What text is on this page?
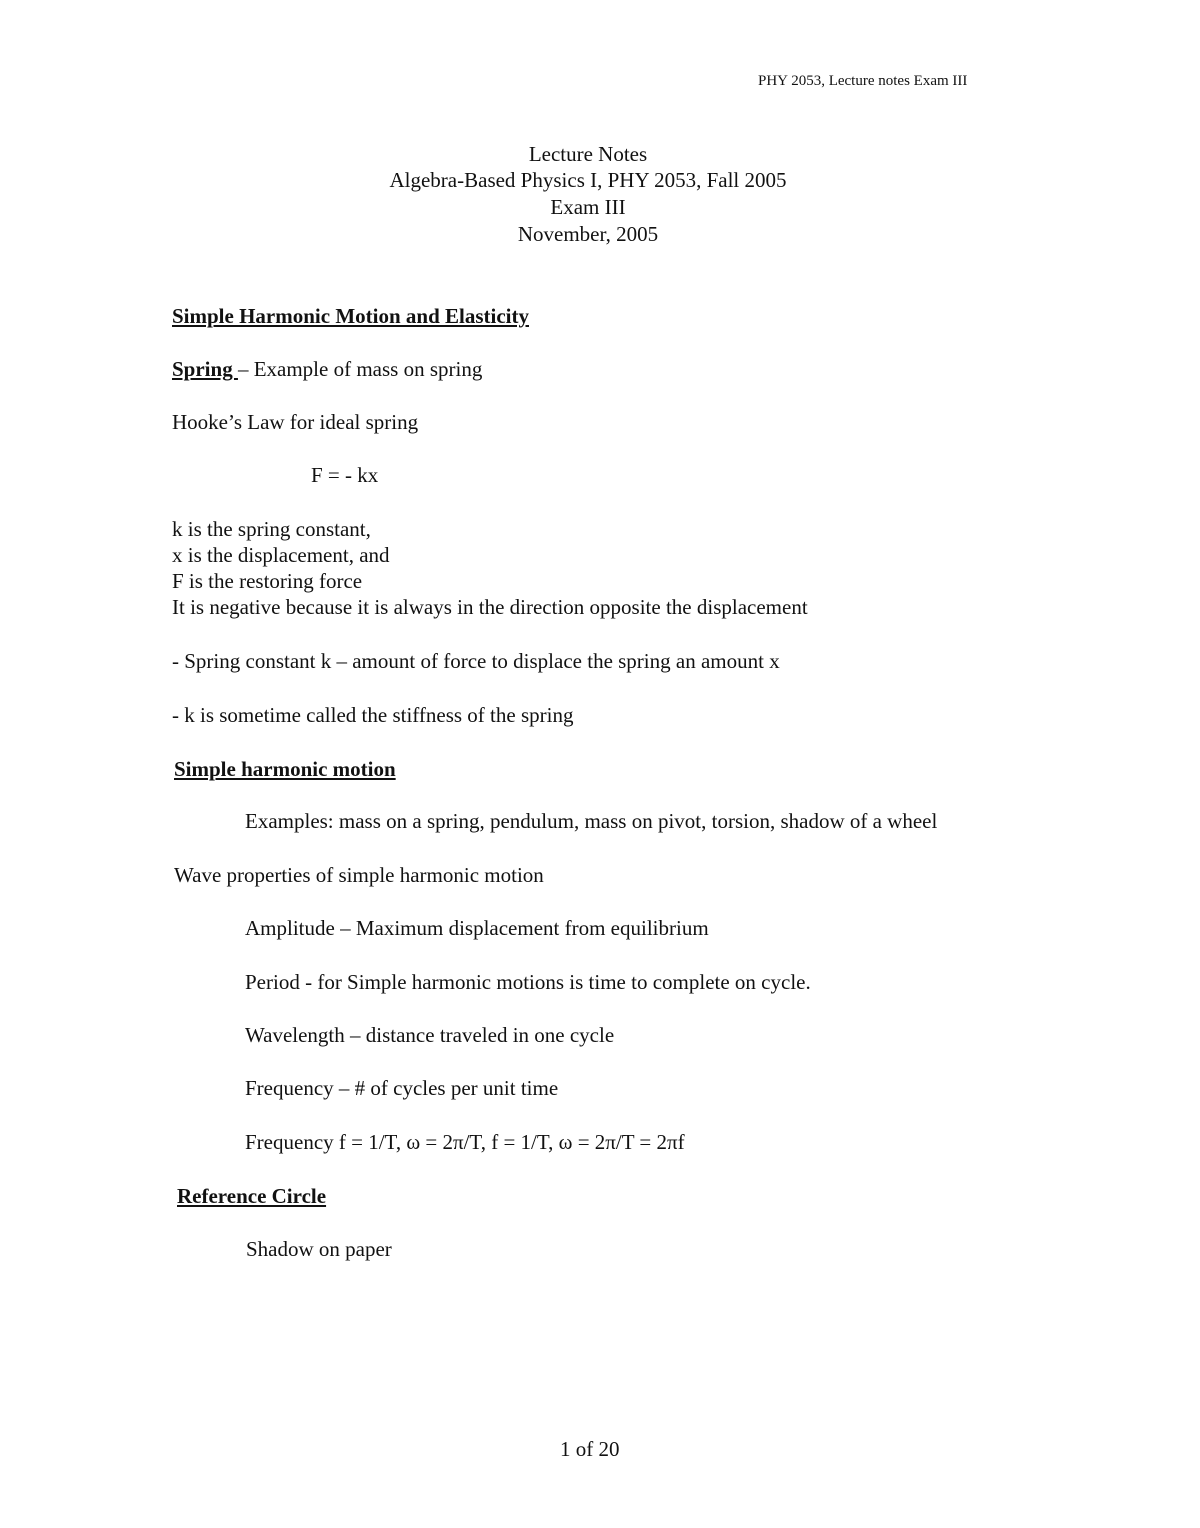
PHY 2053, Lecture notes Exam III
Lecture Notes
Algebra-Based Physics I, PHY 2053, Fall 2005
Exam III
November, 2005
Simple Harmonic Motion and Elasticity
Spring – Example of mass on spring
Hooke’s Law for ideal spring
F = - kx
k is the spring constant,
x is the displacement, and
F is the restoring force
It is negative because it is always in the direction opposite the displacement
- Spring constant k – amount of force to displace the spring an amount x
- k is sometime called the stiffness of the spring
Simple harmonic motion
Examples: mass on a spring, pendulum, mass on pivot, torsion, shadow of a wheel
Wave properties of simple harmonic motion
Amplitude – Maximum displacement from equilibrium
Period - for Simple harmonic motions is time to complete on cycle.
Wavelength – distance traveled in one cycle
Frequency – # of cycles per unit time
Frequency f = 1/T, ω = 2π/T, f = 1/T, ω = 2π/T = 2πf
Reference Circle
Shadow on paper
1 of 20
